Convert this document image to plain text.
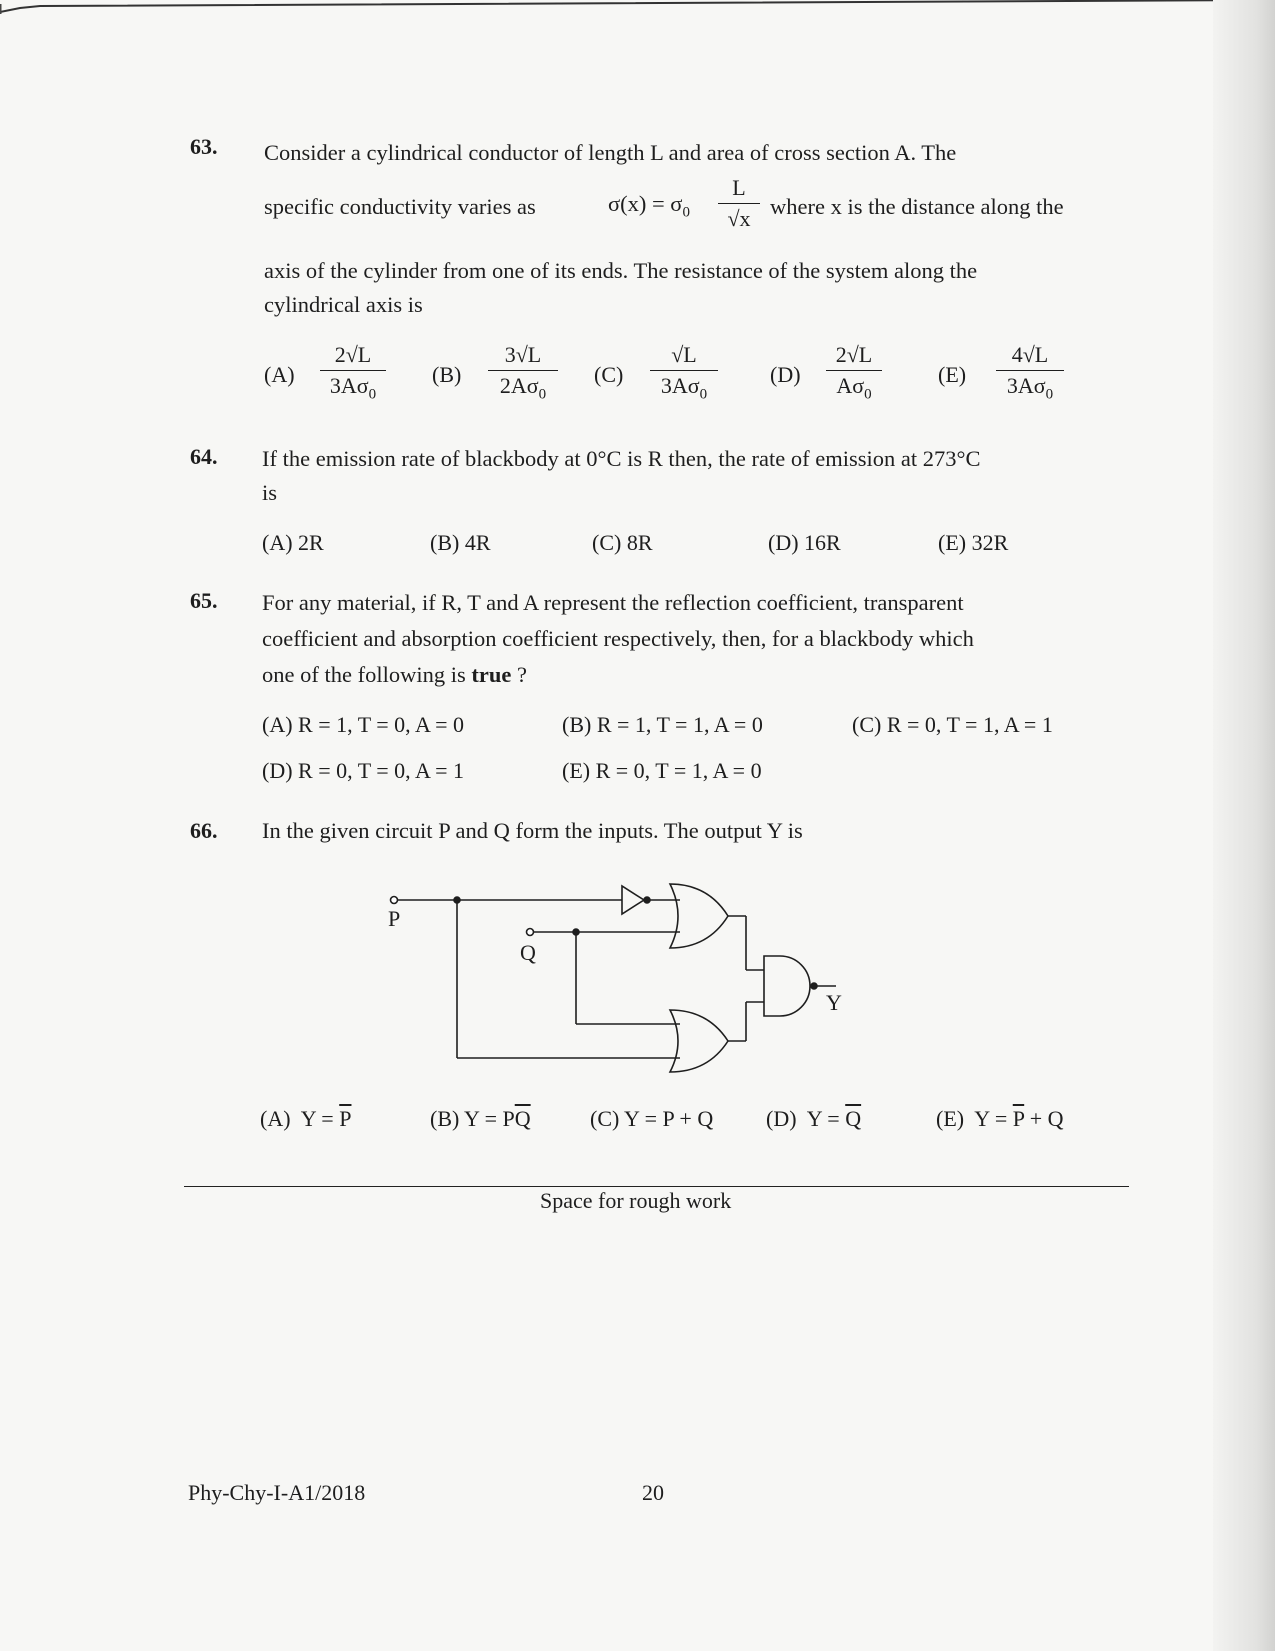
63. Consider a cylindrical conductor of length L and area of cross section A. The
specific conductivity varies as	$\sigma(x) = \sigma_0 \frac{L}{√x}$ where x is the distance along the
axis of the cylinder from one of its ends. The resistance of the system along the
cylindrical axis is
$(A) \frac{2√L}{3A\sigma_0} (B) \frac{3√L}{2A\sigma_0} (C) \frac{√L}{3A\sigma_0} (D) \frac{2√L}{A\sigma_0}$	$(E) \frac{4√L}{3A\sigma_0}$
64. If the emission rate of blackbody at 0°C is R then, the rate of emission at 273°C
is
(A) 2R	(B) 4R	(C) 8R	(D) 16R	(E) 32R
65. For any material, if R, T and A represent the reflection coefficient, transparent
coefficient and absorption coefficient respectively, then, for a blackbody which
one of the following is true ?
(A) R = 1, T = 0, A = 0	(B) R = 1, T = 1, A = 0	(C) R = 0, T = 1, A = 1
(D) R = 0, T = 0, A = 1	(E) R = 0, T = 1, A = 0
66. In the given circuit P and Q form the inputs. The output Y is
P
Q
Y
(A) $Y = \overline{P}$	(B) $Y = P\overline{Q}$	(C) Y = P + Q (D) $Y = \overline{Q}$	(E) $Y = \overline{P} + Q$
Space for rough work
Phy-Chy-I-A1/2018	20
